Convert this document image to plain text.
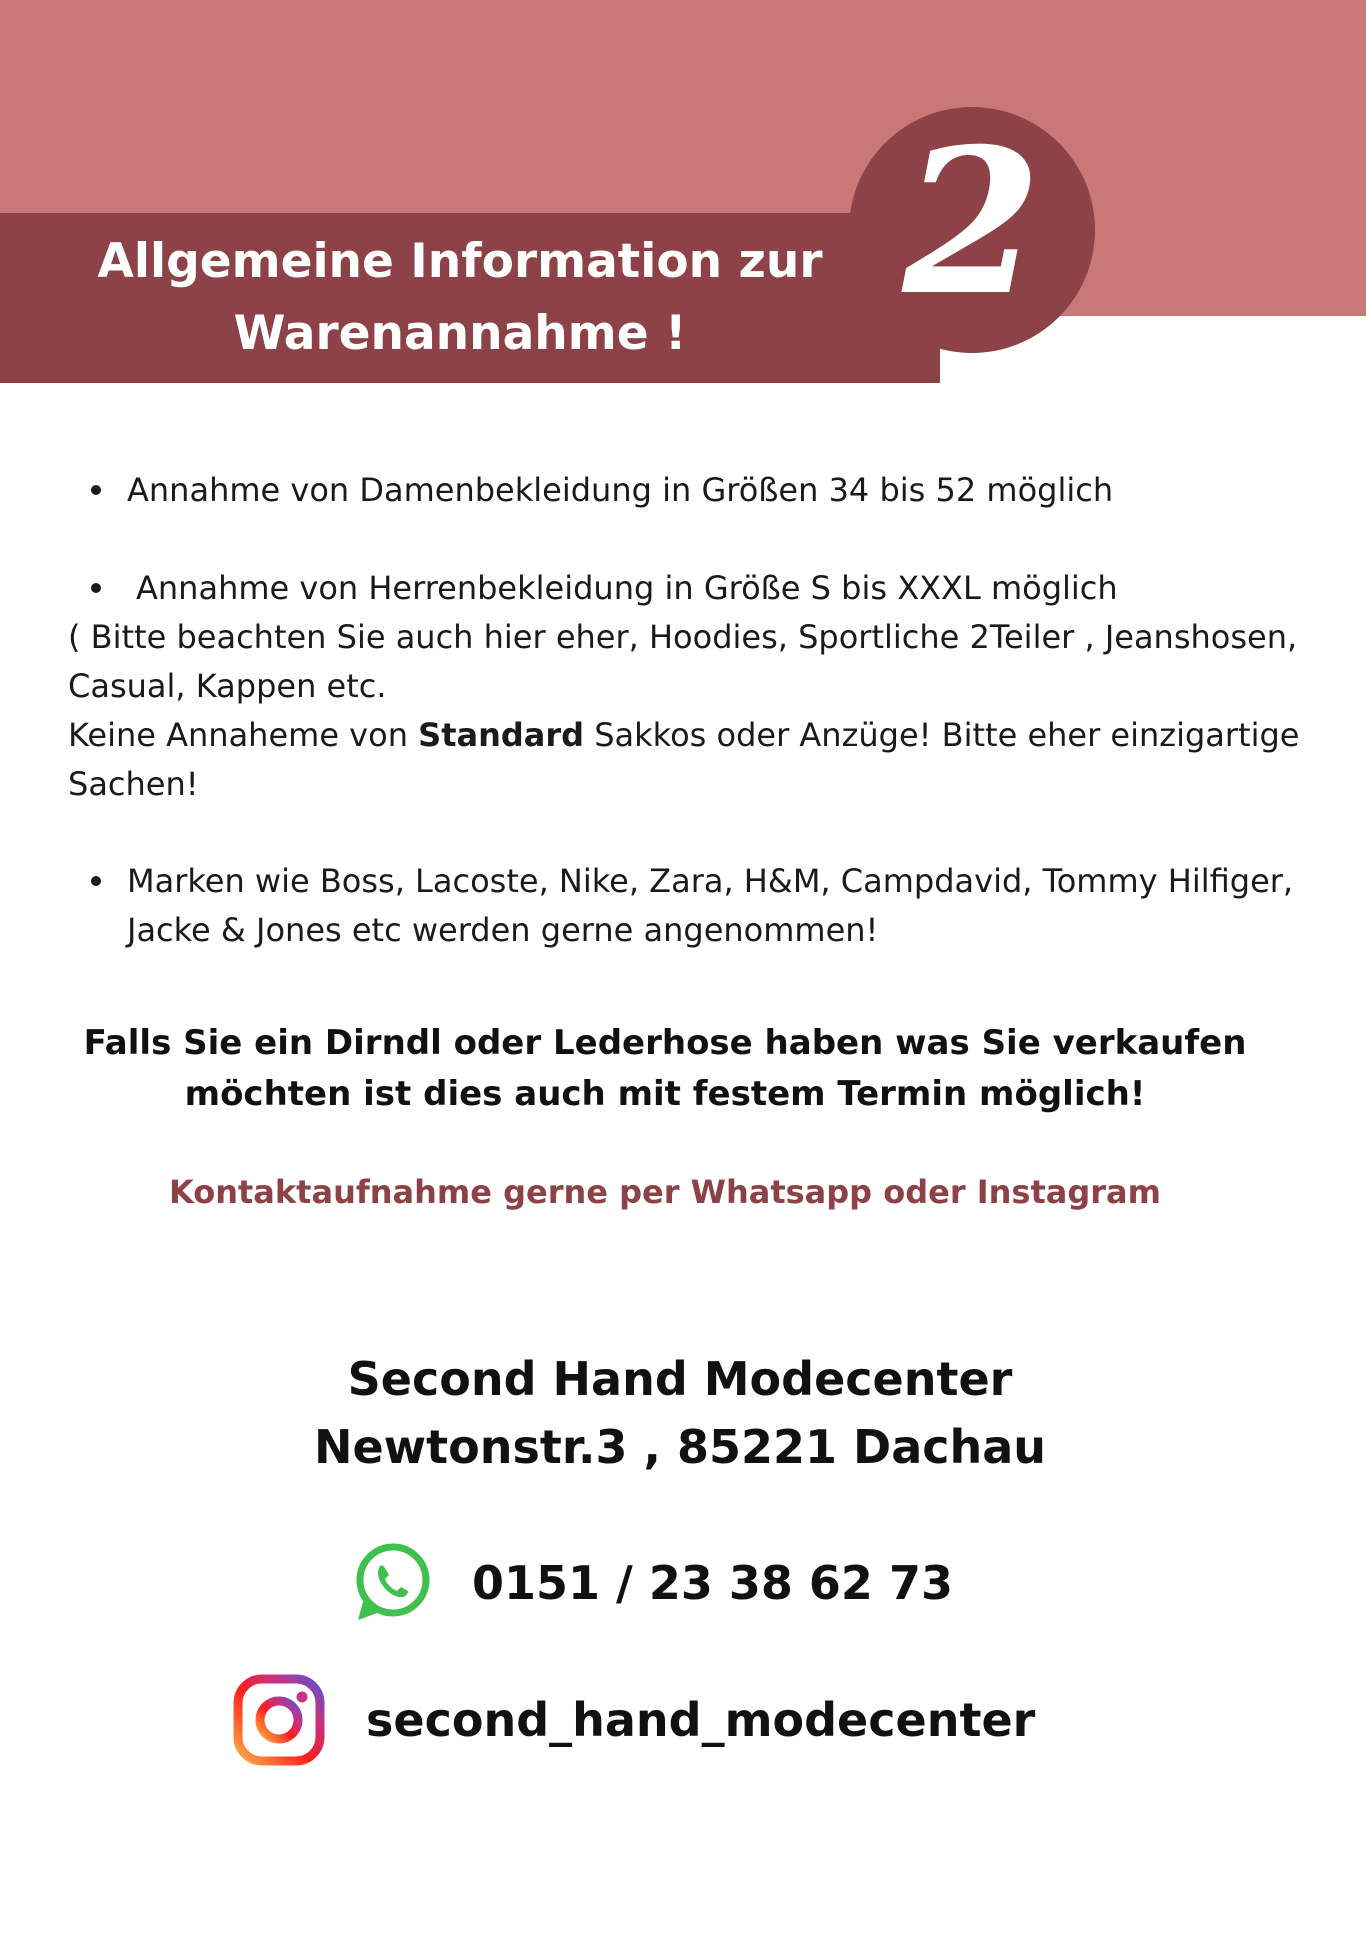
2
Allgemeine Information zur
Warenannahme !
Annahme von Damenbekleidung in Größen 34 bis 52 möglich
Annahme von Herrenbekleidung in Größe S bis XXXL möglich
( Bitte beachten Sie auch hier eher, Hoodies, Sportliche 2Teiler , Jeanshosen,
Casual, Kappen etc.
Keine Annaheme von Standard Sakkos oder Anzüge! Bitte eher einzigartige
Sachen!
Marken wie Boss, Lacoste, Nike, Zara, H&M, Campdavid, Tommy Hilfiger,
Jacke & Jones etc werden gerne angenommen!
Falls Sie ein Dirndl oder Lederhose haben was Sie verkaufen
möchten ist dies auch mit festem Termin möglich!
Kontaktaufnahme gerne per Whatsapp oder Instagram
Second Hand Modecenter
Newtonstr.3 , 85221 Dachau
0151 / 23 38 62 73
second_hand_modecenter
